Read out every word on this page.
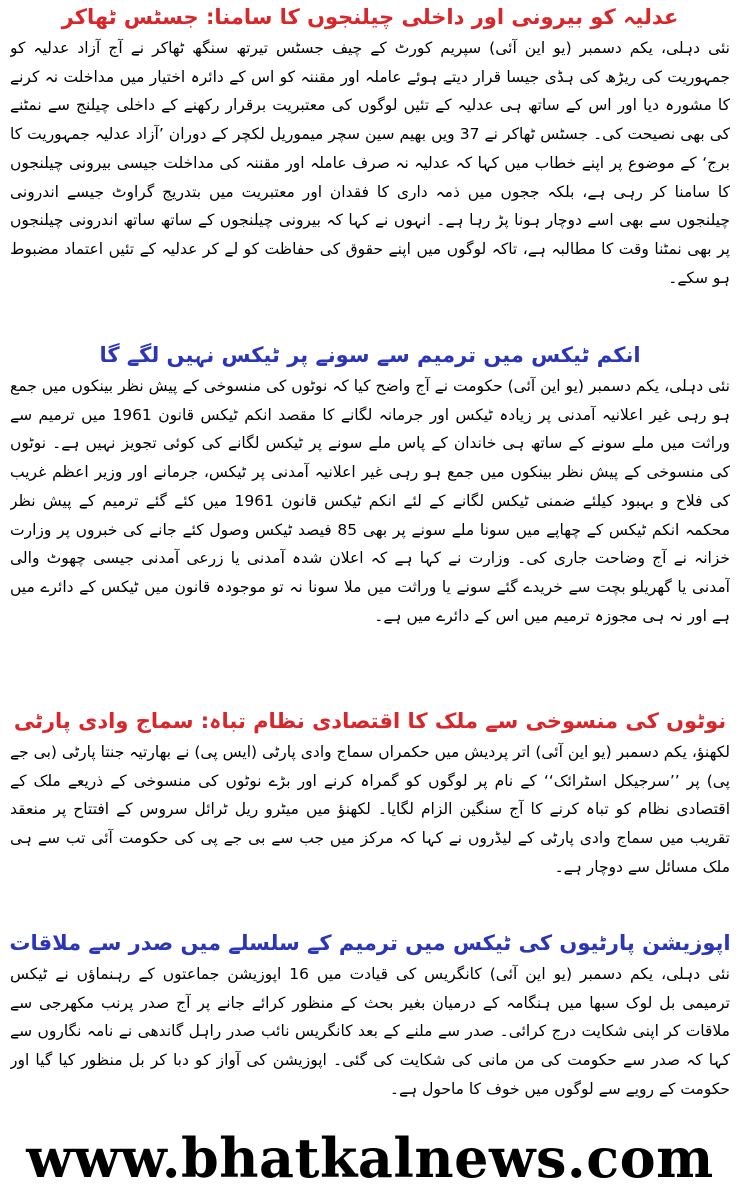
عدلیہ کو بیرونی اور داخلی چیلنجوں کا سامنا: جسٹس ٹھاکر

نئی دہلی، یکم دسمبر (یو این آئی) سپریم کورٹ کے چیف جسٹس تیرتھ سنگھ ٹھاکر نے آج آزاد عدلیہ کو جمہوریت کی ریڑھ کی ہڈی جیسا قرار دیتے ہوئے عاملہ اور مقننہ کو اس کے دائرہ اختیار میں مداخلت نہ کرنے کا مشورہ دیا اور اس کے ساتھ ہی عدلیہ کے تئیں لوگوں کی معتبریت برقرار رکھنے کے داخلی چیلنج سے نمٹنے کی بھی نصیحت کی۔ جسٹس ٹھاکر نے 37 ویں بھیم سین سچر میموریل لکچر کے دوران ’آزاد عدلیہ جمہوریت کا برج‘ کے موضوع پر اپنے خطاب میں کہا کہ عدلیہ نہ صرف عاملہ اور مقننہ کی مداخلت جیسی بیرونی چیلنجوں کا سامنا کر رہی ہے، بلکہ ججوں میں ذمہ داری کا فقدان اور معتبریت میں بتدریج گراوٹ جیسے اندرونی چیلنجوں سے بھی اسے دوچار ہونا پڑ رہا ہے۔ انہوں نے کہا کہ بیرونی چیلنجوں کے ساتھ ساتھ اندرونی چیلنجوں پر بھی نمٹنا وقت کا مطالبہ ہے، تاکہ لوگوں میں اپنے حقوق کی حفاظت کو لے کر عدلیہ کے تئیں اعتماد مضبوط ہو سکے۔

انکم ٹیکس میں ترمیم سے سونے پر ٹیکس نہیں لگے گا

نئی دہلی، یکم دسمبر (یو این آئی) حکومت نے آج واضح کیا کہ نوٹوں کی منسوخی کے پیش نظر بینکوں میں جمع ہو رہی غیر اعلانیہ آمدنی پر زیادہ ٹیکس اور جرمانہ لگانے کا مقصد انکم ٹیکس قانون 1961 میں ترمیم سے وراثت میں ملے سونے کے ساتھ ہی خاندان کے پاس ملے سونے پر ٹیکس لگانے کی کوئی تجویز نہیں ہے۔ نوٹوں کی منسوخی کے پیش نظر بینکوں میں جمع ہو رہی غیر اعلانیہ آمدنی پر ٹیکس، جرمانے اور وزیر اعظم غریب کی فلاح و بہبود کیلئے ضمنی ٹیکس لگانے کے لئے انکم ٹیکس قانون 1961 میں کئے گئے ترمیم کے پیش نظر محکمہ انکم ٹیکس کے چھاپے میں سونا ملے سونے پر بھی 85 فیصد ٹیکس وصول کئے جانے کی خبروں پر وزارت خزانہ نے آج وضاحت جاری کی۔ وزارت نے کہا ہے کہ اعلان شدہ آمدنی یا زرعی آمدنی جیسی چھوٹ والی آمدنی یا گھریلو بچت سے خریدے گئے سونے یا وراثت میں ملا سونا نہ تو موجودہ قانون میں ٹیکس کے دائرے میں ہے اور نہ ہی مجوزہ ترمیم میں اس کے دائرے میں ہے۔

نوٹوں کی منسوخی سے ملک کا اقتصادی نظام تباہ: سماج وادی پارٹی

لکھنؤ، یکم دسمبر (یو این آئی) اتر پردیش میں حکمراں سماج وادی پارٹی (ایس پی) نے بھارتیہ جنتا پارٹی (بی جے پی) پر ’’سرجیکل اسٹرائک‘‘ کے نام پر لوگوں کو گمراہ کرنے اور بڑے نوٹوں کی منسوخی کے ذریعے ملک کے اقتصادی نظام کو تباہ کرنے کا آج سنگین الزام لگایا۔ لکھنؤ میں میٹرو ریل ٹرائل سروس کے افتتاح پر منعقد تقریب میں سماج وادی پارٹی کے لیڈروں نے کہا کہ مرکز میں جب سے بی جے پی کی حکومت آئی تب سے ہی ملک مسائل سے دوچار ہے۔

اپوزیشن پارٹیوں کی ٹیکس میں ترمیم کے سلسلے میں صدر سے ملاقات

نئی دہلی، یکم دسمبر (یو این آئی) کانگریس کی قیادت میں 16 اپوزیشن جماعتوں کے رہنماؤں نے ٹیکس ترمیمی بل لوک سبھا میں ہنگامہ کے درمیان بغیر بحث کے منظور کرائے جانے پر آج صدر پرنب مکھرجی سے ملاقات کر اپنی شکایت درج کرائی۔ صدر سے ملنے کے بعد کانگریس نائب صدر راہل گاندھی نے نامہ نگاروں سے کہا کہ صدر سے حکومت کی من مانی کی شکایت کی گئی۔ اپوزیشن کی آواز کو دبا کر بل منظور کیا گیا اور حکومت کے رویے سے لوگوں میں خوف کا ماحول ہے۔

www.bhatkalnews.com
